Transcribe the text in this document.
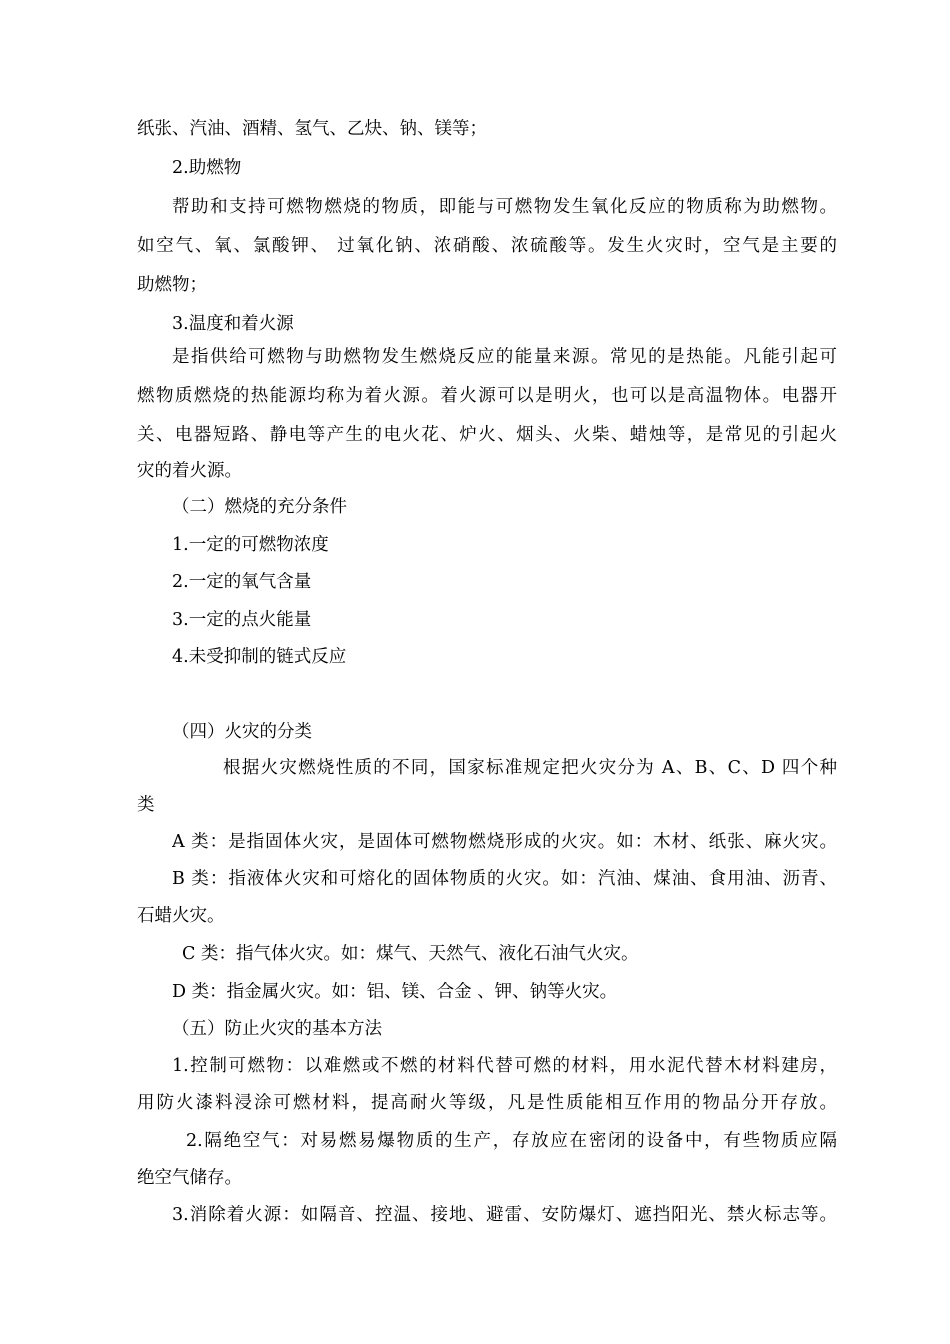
纸张、汽油、酒精、氢气、乙炔、钠、镁等；
2.助燃物
帮助和支持可燃物燃烧的物质，即能与可燃物发生氧化反应的物质称为助燃物。
如空气、氧、氯酸钾、 过氧化钠、浓硝酸、浓硫酸等。发生火灾时，空气是主要的
助燃物；
3.温度和着火源
是指供给可燃物与助燃物发生燃烧反应的能量来源。常见的是热能。凡能引起可
燃物质燃烧的热能源均称为着火源。着火源可以是明火，也可以是高温物体。电器开
关、电器短路、静电等产生的电火花、炉火、烟头、火柴、蜡烛等，是常见的引起火
灾的着火源。
（二）燃烧的充分条件
1.一定的可燃物浓度
2.一定的氧气含量
3.一定的点火能量
4.未受抑制的链式反应
（四）火灾的分类
根据火灾燃烧性质的不同，国家标准规定把火灾分为 A、B、C、D 四个种
类
A 类：是指固体火灾，是固体可燃物燃烧形成的火灾。如：木材、纸张、麻火灾。
B 类：指液体火灾和可熔化的固体物质的火灾。如：汽油、煤油、食用油、沥青、
石蜡火灾。
C 类：指气体火灾。如：煤气、天然气、液化石油气火灾。
D 类：指金属火灾。如：铝、镁、合金 、钾、钠等火灾。
（五）防止火灾的基本方法
1.控制可燃物：以难燃或不燃的材料代替可燃的材料，用水泥代替木材料建房，
用防火漆料浸涂可燃材料，提高耐火等级，凡是性质能相互作用的物品分开存放。
2.隔绝空气：对易燃易爆物质的生产，存放应在密闭的设备中，有些物质应隔
绝空气储存。
3.消除着火源：如隔音、控温、接地、避雷、安防爆灯、遮挡阳光、禁火标志等。
